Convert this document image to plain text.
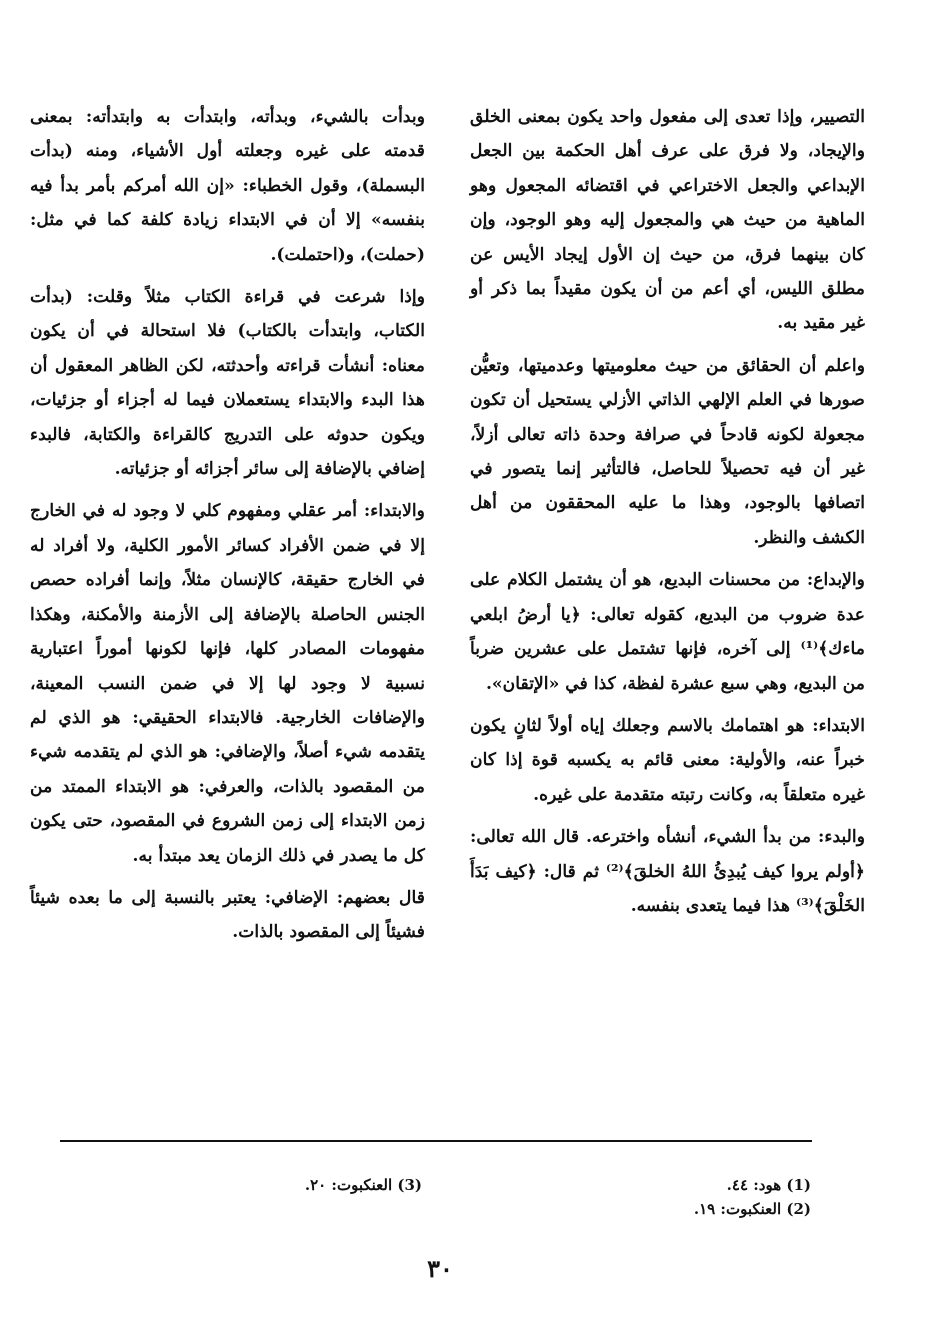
التصيير، وإذا تعدى إلى مفعول واحد يكون بمعنى الخلق والإيجاد، ولا فرق على عرف أهل الحكمة بين الجعل الإبداعي والجعل الاختراعي في اقتضائه المجعول وهو الماهية من حيث هي والمجعول إليه وهو الوجود، وإن كان بينهما فرق، من حيث إن الأول إيجاد الأيس عن مطلق الليس، أي أعم من أن يكون مقيداً بما ذكر أو غير مقيد به.

واعلم أن الحقائق من حيث معلوميتها وعدميتها، وتعيُّن صورها في العلم الإلهي الذاتي الأزلي يستحيل أن تكون مجعولة لكونه قادحاً في صرافة وحدة ذاته تعالى أزلاً، غير أن فيه تحصيلاً للحاصل، فالتأثير إنما يتصور في اتصافها بالوجود، وهذا ما عليه المحققون من أهل الكشف والنظر.

والإبداع: من محسنات البديع، هو أن يشتمل الكلام على عدة ضروب من البديع، كقوله تعالى: ﴿يا أرضُ ابلعي ماءك﴾⁽¹⁾ إلى آخره، فإنها تشتمل على عشرين ضرباً من البديع، وهي سبع عشرة لفظة، كذا في «الإتقان».

الابتداء: هو اهتمامك بالاسم وجعلك إياه أولاً لثانٍ يكون خبراً عنه، والأولية: معنى قائم به يكسبه قوة إذا كان غيره متعلقاً به، وكانت رتبته متقدمة على غيره.

والبدء: من بدأ الشيء، أنشأه واخترعه. قال الله تعالى: ﴿أولم يروا كيف يُبدِئُ اللهُ الخلقَ﴾⁽²⁾ ثم قال: ﴿كيف بَدَأَ الخَلْقَ﴾⁽³⁾ هذا فيما يتعدى بنفسه.

وبدأت بالشيء، وبدأته، وابتدأت به وابتدأته: بمعنى قدمته على غيره وجعلته أول الأشياء، ومنه (بدأت البسملة)، وقول الخطباء: «إن الله أمركم بأمر بدأ فيه بنفسه» إلا أن في الابتداء زيادة كلفة كما في مثل: (حملت)، و(احتملت).

وإذا شرعت في قراءة الكتاب مثلاً وقلت: (بدأت الكتاب، وابتدأت بالكتاب) فلا استحالة في أن يكون معناه: أنشأت قراءته وأحدثته، لكن الظاهر المعقول أن هذا البدء والابتداء يستعملان فيما له أجزاء أو جزئيات، ويكون حدوثه على التدريج كالقراءة والكتابة، فالبدء إضافي بالإضافة إلى سائر أجزائه أو جزئياته.

والابتداء: أمر عقلي ومفهوم كلي لا وجود له في الخارج إلا في ضمن الأفراد كسائر الأمور الكلية، ولا أفراد له في الخارج حقيقة، كالإنسان مثلاً، وإنما أفراده حصص الجنس الحاصلة بالإضافة إلى الأزمنة والأمكنة، وهكذا مفهومات المصادر كلها، فإنها لكونها أموراً اعتبارية نسبية لا وجود لها إلا في ضمن النسب المعينة، والإضافات الخارجية. فالابتداء الحقيقي: هو الذي لم يتقدمه شيء أصلاً، والإضافي: هو الذي لم يتقدمه شيء من المقصود بالذات، والعرفي: هو الابتداء الممتد من زمن الابتداء إلى زمن الشروع في المقصود، حتى يكون كل ما يصدر في ذلك الزمان يعد مبتدأ به.

قال بعضهم: الإضافي: يعتبر بالنسبة إلى ما بعده شيئاً فشيئاً إلى المقصود بالذات.

(1) هود: ٤٤.
(2) العنكبوت: ١٩.
(3) العنكبوت: ٢٠.
٣٠
